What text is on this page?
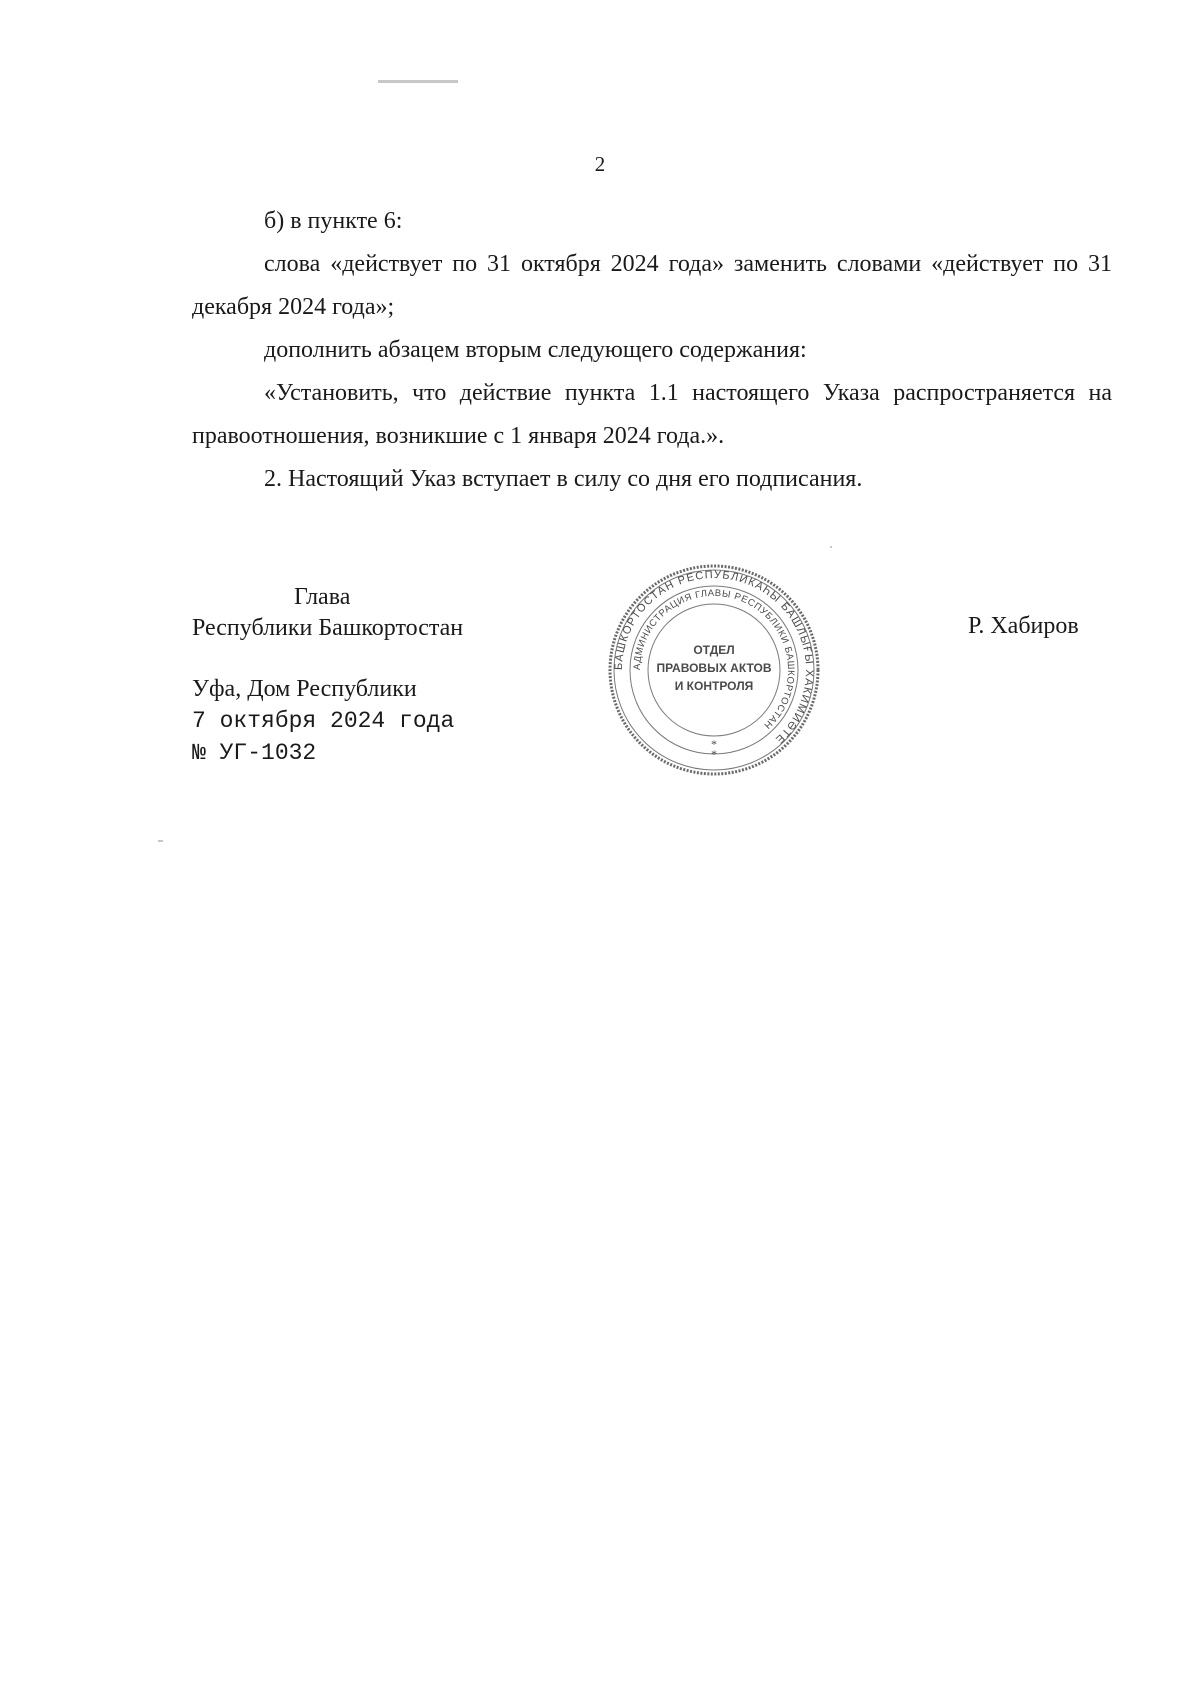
2

б) в пункте 6:

слова «действует по 31 октября 2024 года» заменить словами «действует по 31 декабря 2024 года»;

дополнить абзацем вторым следующего содержания:

«Установить, что действие пункта 1.1 настоящего Указа распространяется на правоотношения, возникшие с 1 января 2024 года.».

2. Настоящий Указ вступает в силу со дня его подписания.

Глава
Республики Башкортостан	Р. Хабиров
Уфа, Дом Республики
7 октября 2024 года
№ УГ-1032
БАШКОРТОСТАН РЕСПУБЛИКАҺЫ БАШЛЫҒЫ ХАКИМИӘТЕ
АДМИНИСТРАЦИЯ ГЛАВЫ РЕСПУБЛИКИ БАШКОРТОСТАН
ОТДЕЛ
ПРАВОВЫХ АКТОВ
И КОНТРОЛЯ
*
*
